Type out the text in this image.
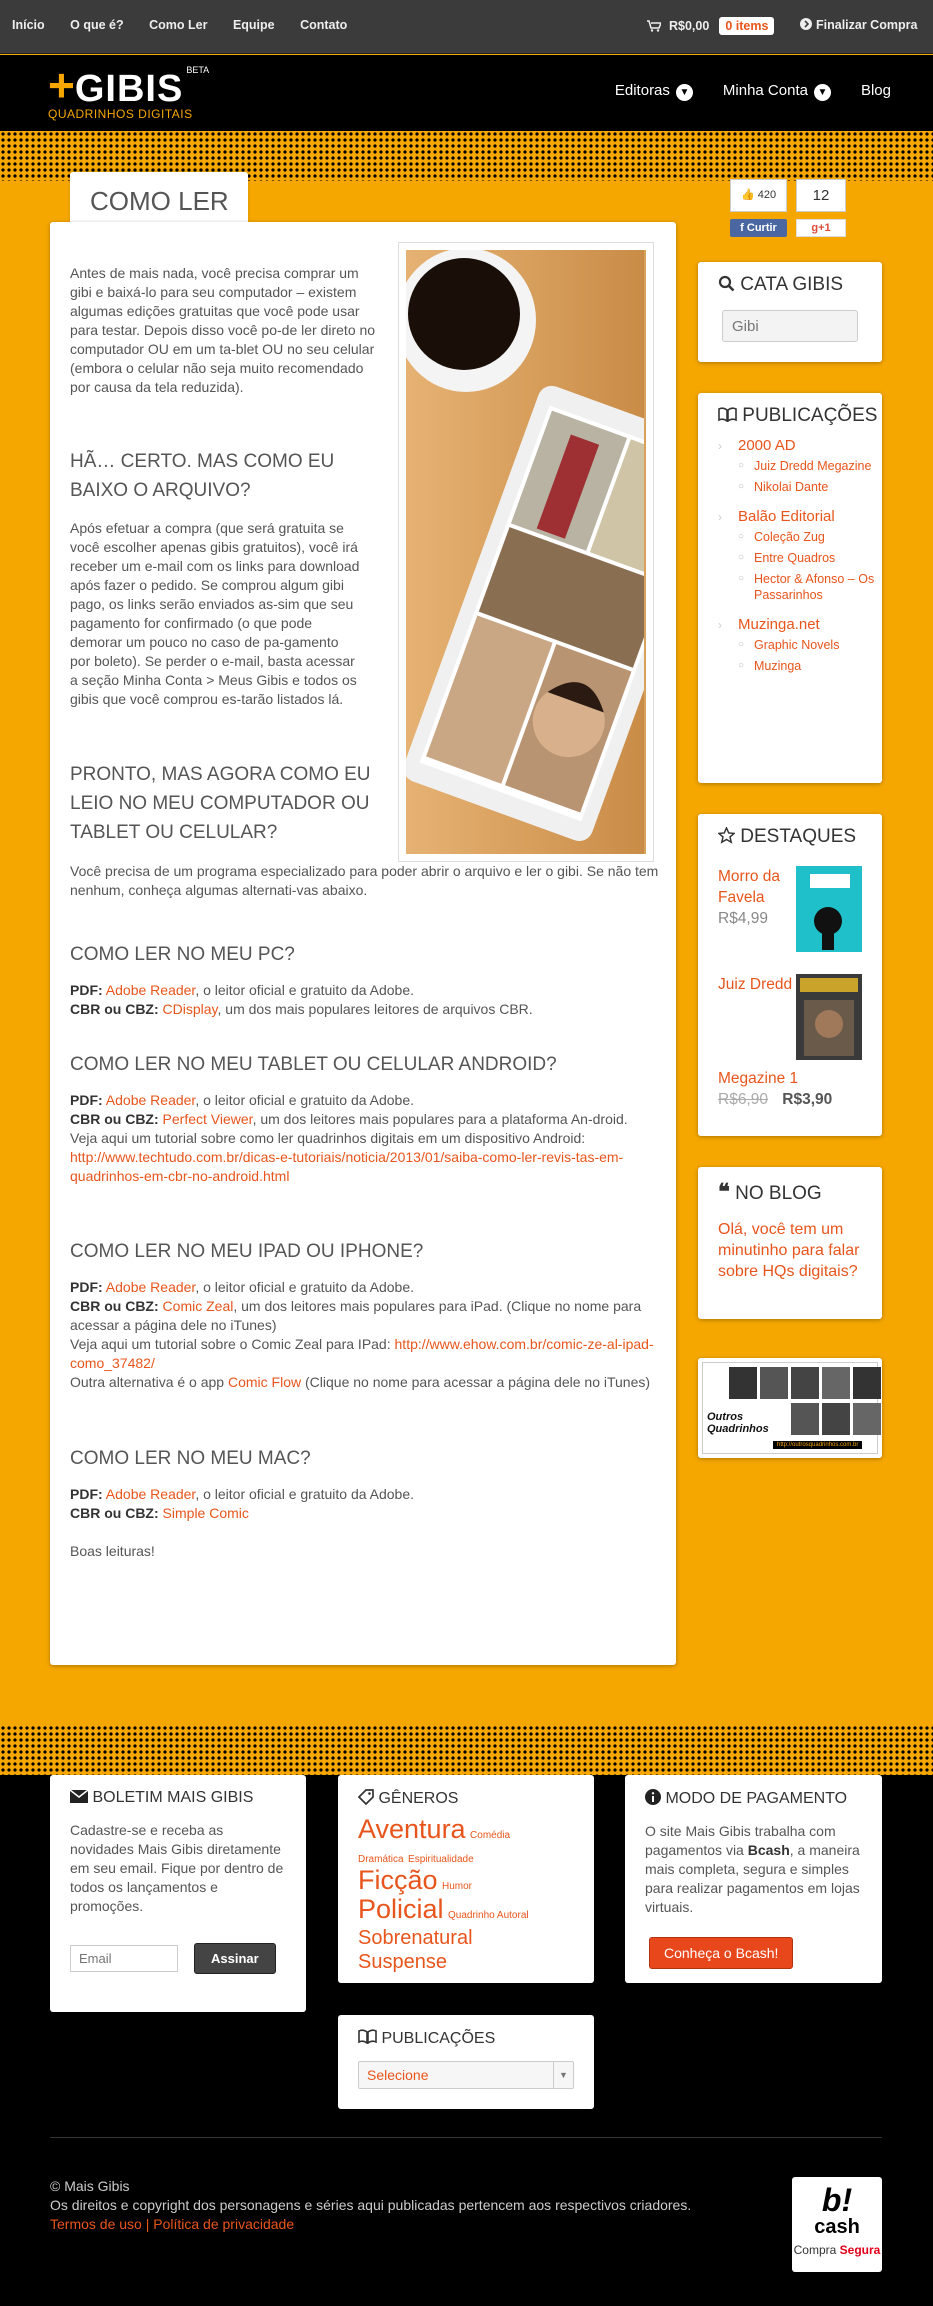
Início O que é? Como Ler Equipe Contato	R$0,00	0 items	Finalizar Compra
+GIBIS $^{BETA}$
QUADRINHOS DIGITAIS
Editoras ▼ Minha Conta ▼ Blog
👍 420
f Curtir
12
g+1
COMO LER
Antes de mais nada, você precisa comprar um gibi e baixá-lo para seu computador – existem algumas edições gratuitas que você pode usar para testar. Depois disso você po-de ler direto no computador OU em um ta-blet OU no seu celular (embora o celular não seja muito recomendado por causa da tela reduzida).
HÃ… CERTO. MAS COMO EU BAIXO O ARQUIVO?

Após efetuar a compra (que será gratuita se você escolher apenas gibis gratuitos), você irá receber um e-mail com os links para download após fazer o pedido. Se comprou algum gibi pago, os links serão enviados as-sim que seu pagamento for confirmado (o que pode demorar um pouco no caso de pa-gamento por boleto). Se perder o e-mail, basta acessar a seção Minha Conta > Meus Gibis e todos os gibis que você comprou es-tarão listados lá.

PRONTO, MAS AGORA COMO EU LEIO NO MEU COMPUTADOR OU TABLET OU CELULAR?
Você precisa de um programa especializado para poder abrir o arquivo e ler o gibi. Se não tem nenhum, conheça algumas alternati-vas abaixo.
COMO LER NO MEU PC?

PDF: Adobe Reader, o leitor oficial e gratuito da Adobe.

CBR ou CBZ: CDisplay, um dos mais populares leitores de arquivos CBR.

COMO LER NO MEU TABLET OU CELULAR ANDROID?

PDF: Adobe Reader, o leitor oficial e gratuito da Adobe.

CBR ou CBZ: Perfect Viewer, um dos leitores mais populares para a plataforma An-droid.

Veja aqui um tutorial sobre como ler quadrinhos digitais em um dispositivo Android:

http://www.techtudo.com.br/dicas-e-tutoriais/noticia/2013/01/saiba-como-ler-revis-tas-em-quadrinhos-em-cbr-no-android.html

COMO LER NO MEU IPAD OU IPHONE?

PDF: Adobe Reader, o leitor oficial e gratuito da Adobe.

CBR ou CBZ: Comic Zeal, um dos leitores mais populares para iPad. (Clique no nome para acessar a página dele no iTunes)

Veja aqui um tutorial sobre o Comic Zeal para IPad: http://www.ehow.com.br/comic-ze-al-ipad-como_37482/

Outra alternativa é o app Comic Flow (Clique no nome para acessar a página dele no iTunes)

COMO LER NO MEU MAC?

PDF: Adobe Reader, o leitor oficial e gratuito da Adobe.

CBR ou CBZ: Simple Comic

Boas leituras!

CATA GIBIS
Gibi
PUBLICAÇÕES
› 2000 AD
○ Juiz Dredd Megazine
○ Nikolai Dante
› Balão Editorial
○ Coleção Zug
○ Entre Quadros
○ Hector & Afonso – Os Passarinhos
› Muzinga.net
○ Graphic Novels
○ Muzinga
DESTAQUES
Morro da Favela
R$4,99
Juiz Dredd
Megazine 1
R$6,90 R$3,90
❝ NO BLOG
Olá, você tem um minutinho para falar sobre HQs digitais?
Outros Quadrinhos
http://outrosquadrinhos.com.br
BOLETIM MAIS GIBIS

Cadastre-se e receba as novidades Mais Gibis diretamente em seu email. Fique por dentro de todos os lançamentos e promoções.

Email
Assinar
GÊNEROS
Aventura Comédia
Dramática Espiritualidade
Ficção Humor
Policial Quadrinho Autoral
Sobrenatural
Suspense
MODO DE PAGAMENTO

O site Mais Gibis trabalha com pagamentos via Bcash, a maneira mais completa, segura e simples para realizar pagamentos em lojas virtuais.

Conheça o Bcash!
PUBLICAÇÕES
Selecione	▼
© Mais Gibis
Os direitos e copyright dos personagens e séries aqui publicadas pertencem aos respectivos criadores.
Termos de uso | Política de privacidade
b!
cash
Compra Segura
